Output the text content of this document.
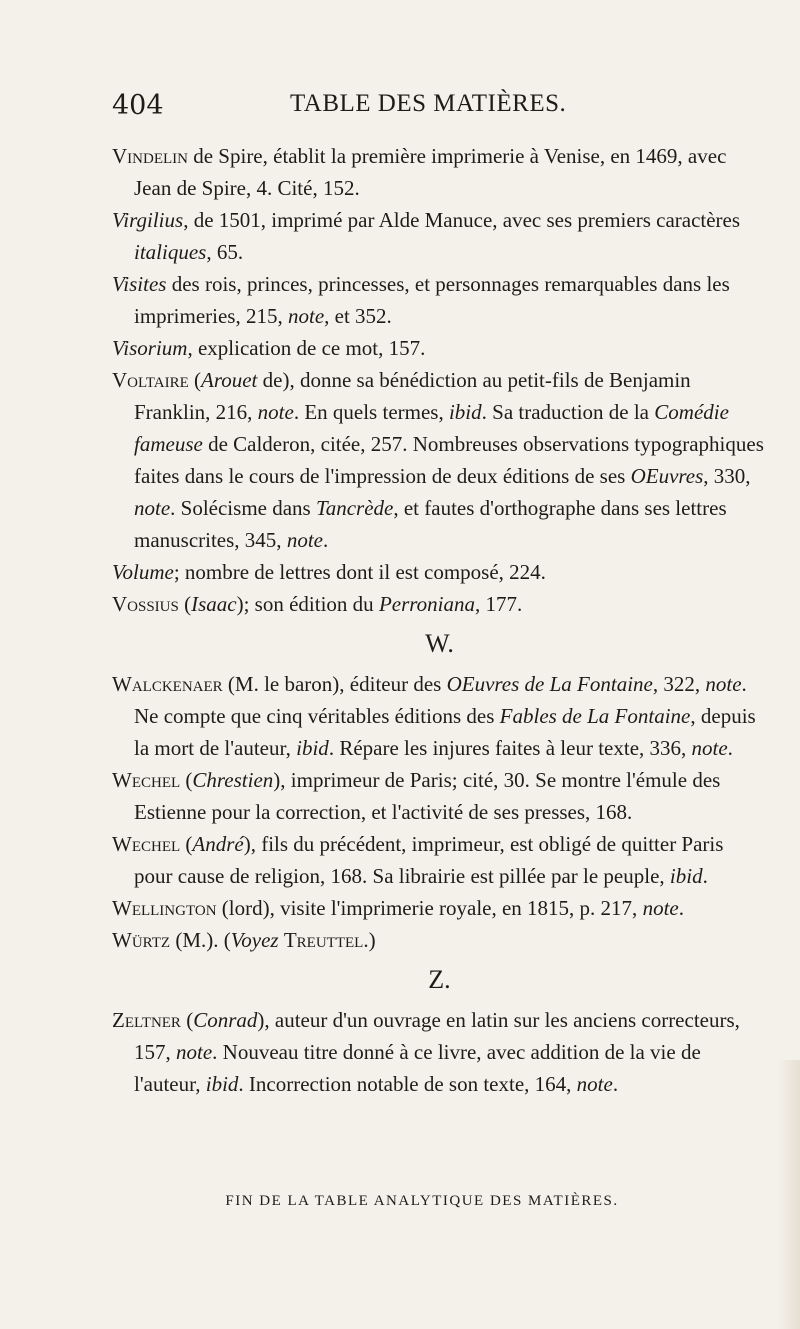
404	TABLE DES MATIÈRES.

Vindelin de Spire, établit la première imprimerie à Venise, en 1469, avec Jean de Spire, 4. Cité, 152.

Virgilius, de 1501, imprimé par Alde Manuce, avec ses premiers caractères italiques, 65.

Visites des rois, princes, princesses, et personnages remarquables dans les imprimeries, 215, note, et 352.

Visorium, explication de ce mot, 157.

Voltaire (Arouet de), donne sa bénédiction au petit-fils de Benjamin Franklin, 216, note. En quels termes, ibid. Sa traduction de la Comédie fameuse de Calderon, citée, 257. Nombreuses observations typographiques faites dans le cours de l'impression de deux éditions de ses OEuvres, 330, note. Solécisme dans Tancrède, et fautes d'orthographe dans ses lettres manuscrites, 345, note.

Volume; nombre de lettres dont il est composé, 224.

Vossius (Isaac); son édition du Perroniana, 177.

W.

Walckenaer (M. le baron), éditeur des OEuvres de La Fontaine, 322, note. Ne compte que cinq véritables éditions des Fables de La Fontaine, depuis la mort de l'auteur, ibid. Répare les injures faites à leur texte, 336, note.

Wechel (Chrestien), imprimeur de Paris; cité, 30. Se montre l'émule des Estienne pour la correction, et l'activité de ses presses, 168.

Wechel (André), fils du précédent, imprimeur, est obligé de quitter Paris pour cause de religion, 168. Sa librairie est pillée par le peuple, ibid.

Wellington (lord), visite l'imprimerie royale, en 1815, p. 217, note.

Würtz (M.). (Voyez Treuttel.)

Z.

Zeltner (Conrad), auteur d'un ouvrage en latin sur les anciens correcteurs, 157, note. Nouveau titre donné à ce livre, avec addition de la vie de l'auteur, ibid. Incorrection notable de son texte, 164, note.

FIN DE LA TABLE ANALYTIQUE DES MATIÈRES.
